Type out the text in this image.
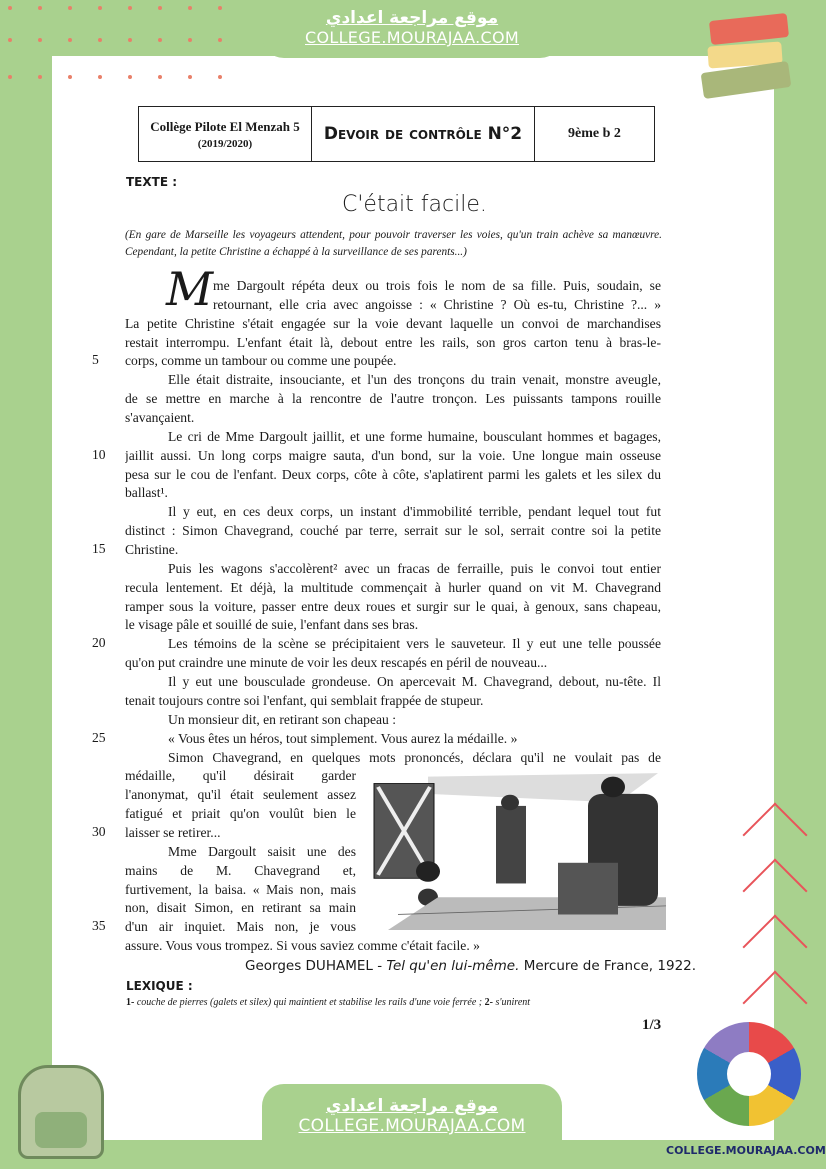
موقع مراجعة اعدادي
COLLEGE.MOURAJAA.COM
Collège Pilote El Menzah 5
(2019/2020)	Devoir de contrôle N°2	9ème b 2
TEXTE :
C'était facile.
(En gare de Marseille les voyageurs attendent, pour pouvoir traverser les voies, qu'un train achève sa manœuvre. Cependant, la petite Christine a échappé à la surveillance de ses parents...)
M me Dargoult répéta deux ou trois fois le nom de sa fille. Puis, soudain, se
retournant, elle cria avec angoisse : « Christine ? Où es-tu, Christine ?... »
La petite Christine s'était engagée sur la voie devant laquelle un convoi de marchandises
restait interrompu. L'enfant était là, debout entre les rails, son gros carton tenu à bras-le-
corps, comme un tambour ou comme une poupée.
Elle était distraite, insouciante, et l'un des tronçons du train venait, monstre aveugle,
de se mettre en marche à la rencontre de l'autre tronçon. Les puissants tampons rouille
s'avançaient.
Le cri de Mme Dargoult jaillit, et une forme humaine, bousculant hommes et bagages,
jaillit aussi. Un long corps maigre sauta, d'un bond, sur la voie. Une longue main osseuse
pesa sur le cou de l'enfant. Deux corps, côte à côte, s'aplatirent parmi les galets et les silex du
ballast¹.
Il y eut, en ces deux corps, un instant d'immobilité terrible, pendant lequel tout fut
distinct : Simon Chavegrand, couché par terre, serrait sur le sol, serrait contre soi la petite
Christine.
Puis les wagons s'accolèrent² avec un fracas de ferraille, puis le convoi tout entier
recula lentement. Et déjà, la multitude commençait à hurler quand on vit M. Chavegrand
ramper sous la voiture, passer entre deux roues et surgir sur le quai, à genoux, sans chapeau,
le visage pâle et souillé de suie, l'enfant dans ses bras.
Les témoins de la scène se précipitaient vers le sauveteur. Il y eut une telle poussée
qu'on put craindre une minute de voir les deux rescapés en péril de nouveau...
Il y eut une bousculade grondeuse. On apercevait M. Chavegrand, debout, nu-tête. Il
tenait toujours contre soi l'enfant, qui semblait frappée de stupeur.
Un monsieur dit, en retirant son chapeau :
« Vous êtes un héros, tout simplement. Vous aurez la médaille. »
Simon Chavegrand, en quelques mots prononcés, déclara qu'il ne voulait pas de
médaille, qu'il désirait garder
l'anonymat, qu'il était seulement assez
fatigué et priait qu'on voulût bien le
laisser se retirer...
Mme Dargoult saisit une des
mains de M. Chavegrand et,
furtivement, la baisa. « Mais non, mais
non, disait Simon, en retirant sa main
d'un air inquiet. Mais non, je vous
assure. Vous vous trompez. Si vous saviez comme c'était facile. »
5
10
15
20
25
30
35
Georges DUHAMEL - Tel qu'en lui-même. Mercure de France, 1922.
LEXIQUE :
1- couche de pierres (galets et silex) qui maintient et stabilise les rails d'une voie ferrée ; 2- s'unirent
1/3
موقع مراجعة اعدادي
COLLEGE.MOURAJAA.COM
COLLEGE.MOURAJAA.COM
